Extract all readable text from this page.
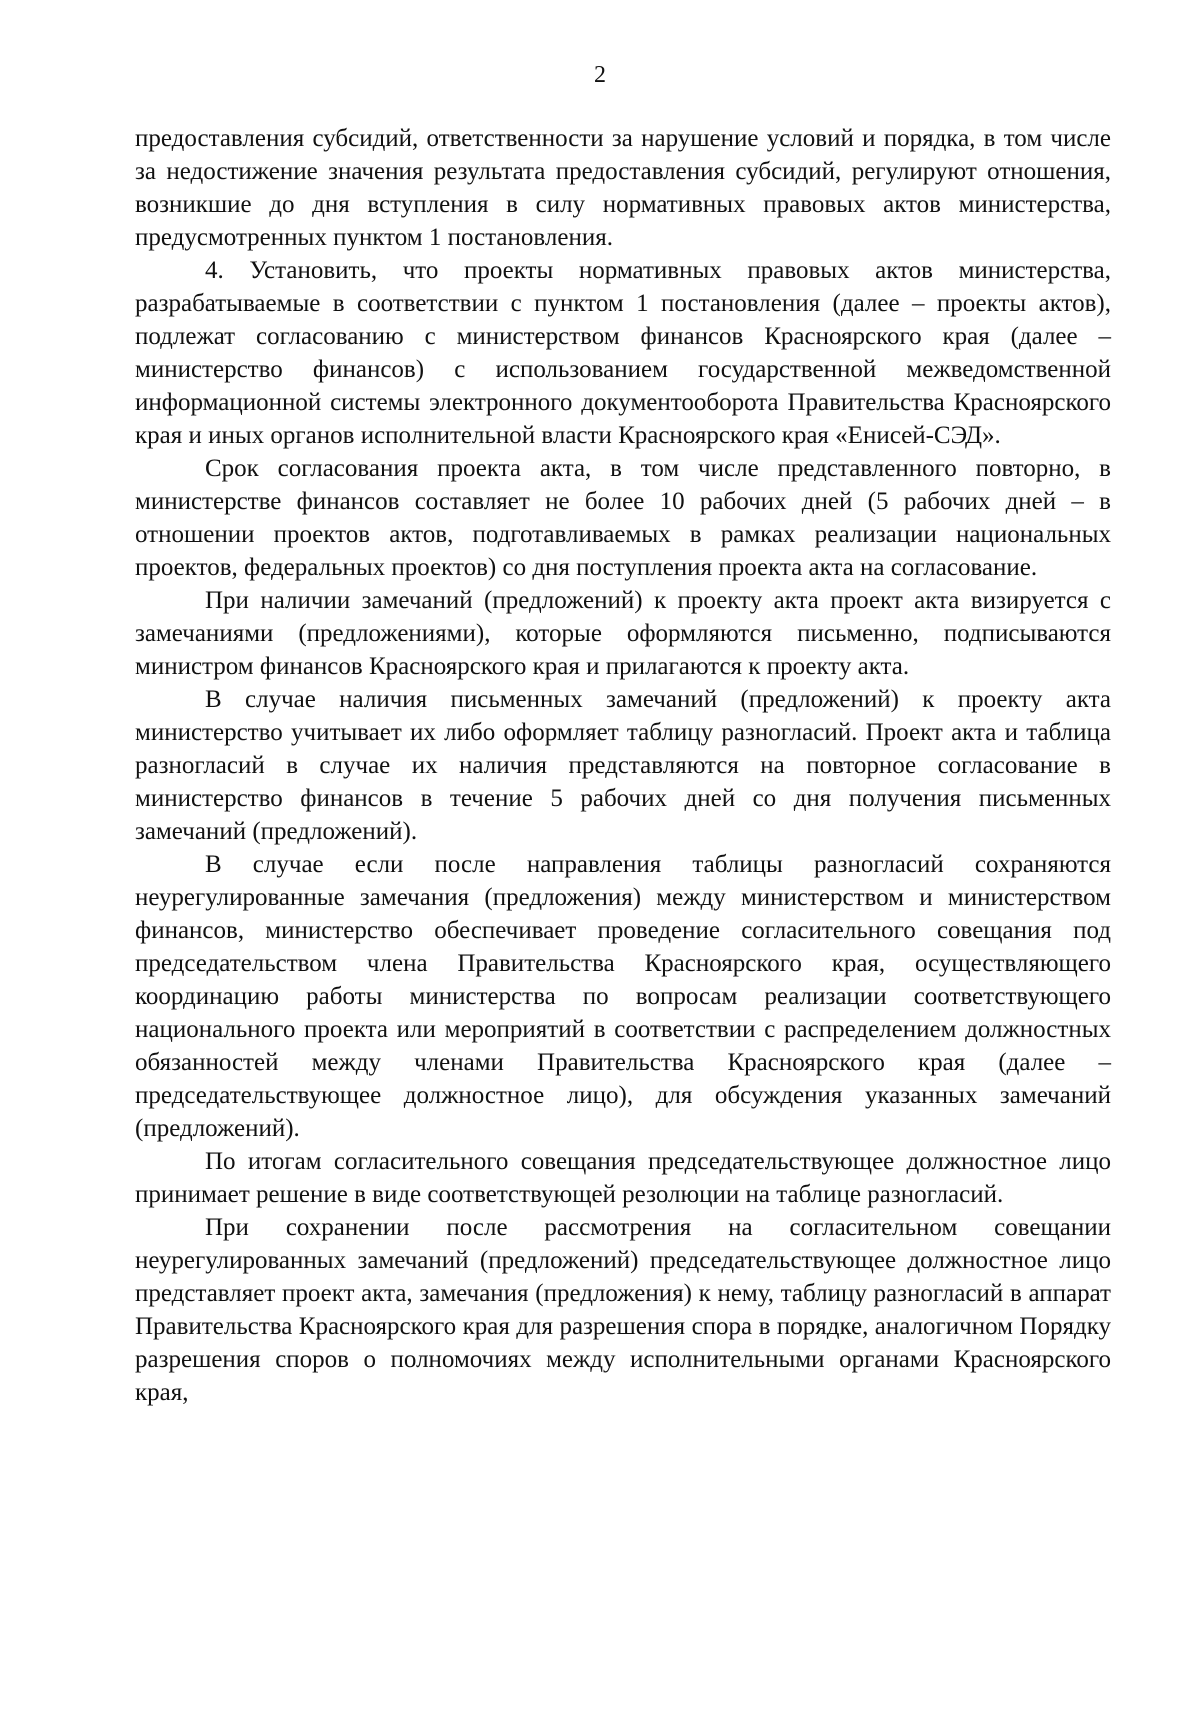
2

предоставления субсидий, ответственности за нарушение условий и порядка, в том числе за недостижение значения результата предоставления субсидий, регулируют отношения, возникшие до дня вступления в силу нормативных правовых актов министерства, предусмотренных пунктом 1 постановления.

4. Установить, что проекты нормативных правовых актов министерства, разрабатываемые в соответствии с пунктом 1 постановления (далее – проекты актов), подлежат согласованию с министерством финансов Красноярского края (далее – министерство финансов) с использованием государственной межведомственной информационной системы электронного документооборота Правительства Красноярского края и иных органов исполнительной власти Красноярского края «Енисей-СЭД».

Срок согласования проекта акта, в том числе представленного повторно, в министерстве финансов составляет не более 10 рабочих дней (5 рабочих дней – в отношении проектов актов, подготавливаемых в рамках реализации национальных проектов, федеральных проектов) со дня поступления проекта акта на согласование.

При наличии замечаний (предложений) к проекту акта проект акта визируется с замечаниями (предложениями), которые оформляются письменно, подписываются министром финансов Красноярского края и прилагаются к проекту акта.

В случае наличия письменных замечаний (предложений) к проекту акта министерство учитывает их либо оформляет таблицу разногласий. Проект акта и таблица разногласий в случае их наличия представляются на повторное согласование в министерство финансов в течение 5 рабочих дней со дня получения письменных замечаний (предложений).

В случае если после направления таблицы разногласий сохраняются неурегулированные замечания (предложения) между министерством и министерством финансов, министерство обеспечивает проведение согласительного совещания под председательством члена Правительства Красноярского края, осуществляющего координацию работы министерства по вопросам реализации соответствующего национального проекта или мероприятий в соответствии с распределением должностных обязанностей между членами Правительства Красноярского края (далее – председательствующее должностное лицо), для обсуждения указанных замечаний (предложений).

По итогам согласительного совещания председательствующее должностное лицо принимает решение в виде соответствующей резолюции на таблице разногласий.

При сохранении после рассмотрения на согласительном совещании неурегулированных замечаний (предложений) председательствующее должностное лицо представляет проект акта, замечания (предложения) к нему, таблицу разногласий в аппарат Правительства Красноярского края для разрешения спора в порядке, аналогичном Порядку разрешения споров о полномочиях между исполнительными органами Красноярского края,
